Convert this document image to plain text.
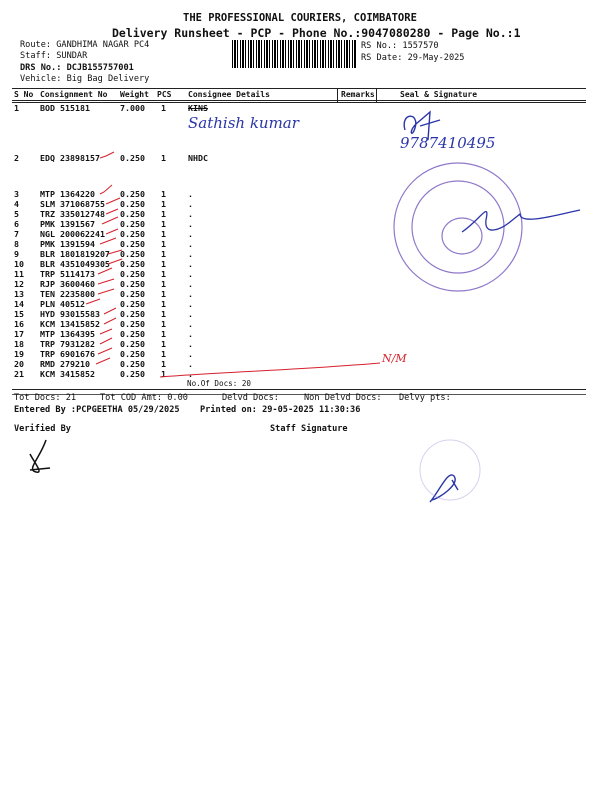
THE PROFESSIONAL COURIERS, COIMBATORE
Delivery Runsheet - PCP - Phone No.:9047080280 - Page No.:1
Route: GANDHIMA NAGAR PC4
Staff: SUNDAR
DRS No.: DCJB155757001
Vehicle: Big Bag Delivery
RS No.: 1557570
RS Date: 29-May-2025
S No Consignment No Weight PCS Consignee Details	Remarks	Seal & Signature
1	BOD 515181	7.000 1	KINS
2	EDQ 23898157 0.250 1	NHDC
3	MTP 1364220	0.250 1	.
4	SLM 371068755 0.250 1	.
5	TRZ 335012748 0.250 1	.
6	PMK 1391567	0.250 1	.
7	NGL 200062241 0.250 1	.
8	PMK 1391594	0.250 1	.
9	BLR 1801819207 0.250 1	.
10 BLR 4351049305 0.250 1	.
11 TRP 5114173	0.250 1	.
12 RJP 3600460	0.250 1	.
13 TEN 2235800	0.250 1	.
14 PLN 40512	0.250 1	.
15 HYD 93015583 0.250 1	.
16 KCM 13415852 0.250 1	.
17 MTP 1364395	0.250 1	.
18 TRP 7931282	0.250 1	.
19 TRP 6901676	0.250 1	.
20 RMD 279210	0.250 1	.
21 KCM 3415852	0.250 1	.
No.Of Docs: 20
Tot Docs: 21	Tot COD Amt: 0.00	Delvd Docs:	Non Delvd Docs: Delvy pts:
Entered By :PCPGEETHA 05/29/2025 Printed on: 29-05-2025 11:30:36
Verified By	Staff Signature
Sathish kumar
9787410495
N/M
